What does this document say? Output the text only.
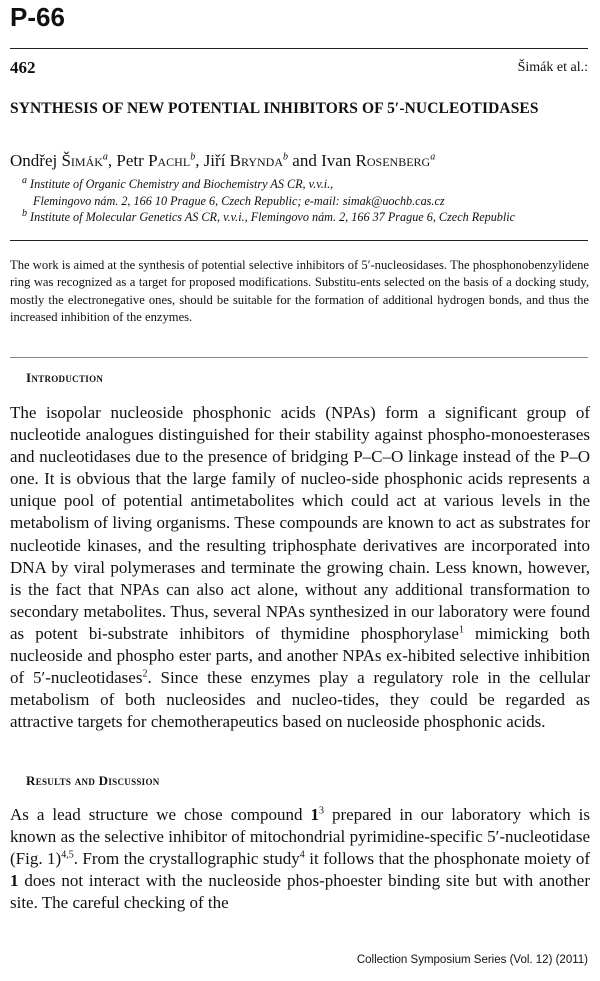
P-66
462	Šimák et al.:
SYNTHESIS OF NEW POTENTIAL INHIBITORS OF 5′-NUCLEOTIDASES
Ondřej Šimák$^a$, Petr Pachl$^b$, Jiří Brynda$^b$ and Ivan Rosenberg$^a$
$^a$ Institute of Organic Chemistry and Biochemistry AS CR, v.v.i.,
Flemingovo nám. 2, 166 10 Prague 6, Czech Republic; e-mail: simak@uochb.cas.cz
$^b$ Institute of Molecular Genetics AS CR, v.v.i., Flemingovo nám. 2, 166 37 Prague 6, Czech Republic
The work is aimed at the synthesis of potential selective inhibitors of 5′-nucleosidases. The phosphonobenzylidene ring was recognized as a target for proposed modifications. Substitu-ents selected on the basis of a docking study, mostly the electronegative ones, should be suitable for the formation of additional hydrogen bonds, and thus the increased inhibition of the enzymes.
Introduction
The isopolar nucleoside phosphonic acids (NPAs) form a significant group of nucleotide analogues distinguished for their stability against phospho-monoesterases and nucleotidases due to the presence of bridging P–C–O linkage instead of the P–O one. It is obvious that the large family of nucleo-side phosphonic acids represents a unique pool of potential antimetabolites which could act at various levels in the metabolism of living organisms. These compounds are known to act as substrates for nucleotide kinases, and the resulting triphosphate derivatives are incorporated into DNA by viral polymerases and terminate the growing chain. Less known, however, is the fact that NPAs can also act alone, without any additional transformation to secondary metabolites. Thus, several NPAs synthesized in our laboratory were found as potent bi-substrate inhibitors of thymidine phosphorylase$^1$ mimicking both nucleoside and phospho ester parts, and another NPAs ex-hibited selective inhibition of 5′-nucleotidases$^2$. Since these enzymes play a regulatory role in the cellular metabolism of both nucleosides and nucleo-tides, they could be regarded as attractive targets for chemotherapeutics based on nucleoside phosphonic acids.
Results and Discussion
As a lead structure we chose compound $1^3$ prepared in our laboratory which is known as the selective inhibitor of mitochondrial pyrimidine-specific 5′-nucleotidase (Fig. 1)$^{4,5}$. From the crystallographic study$^4$ it follows that the phosphonate moiety of 1 does not interact with the nucleoside phos-phoester binding site but with another site. The careful checking of the
Collection Symposium Series (Vol. 12) (2011)
